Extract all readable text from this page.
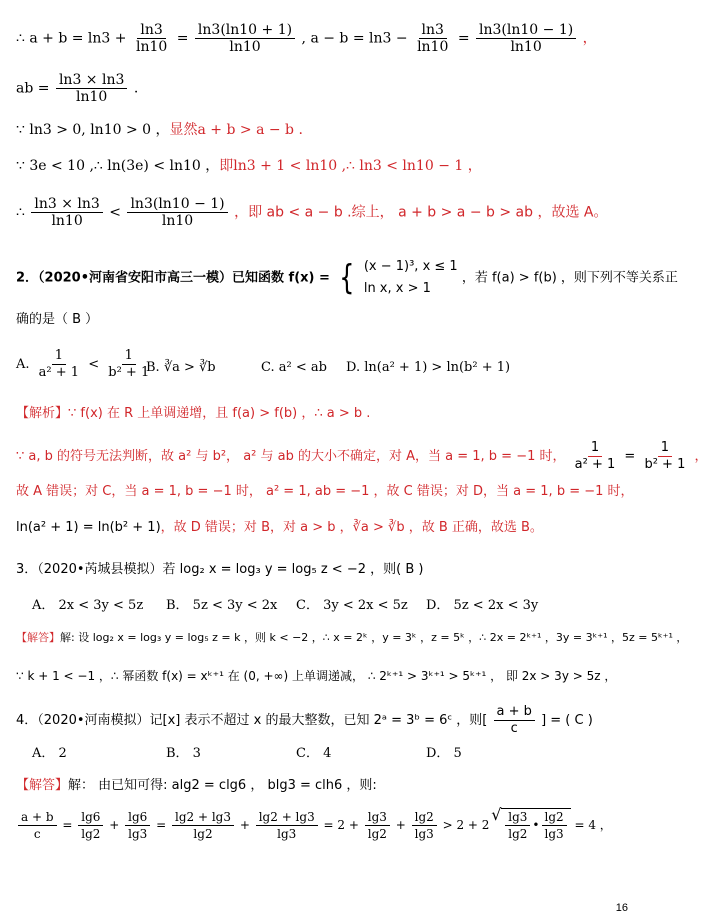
∴ $a + b = \ln 3 + \frac{\ln 3}{\ln 10} = \frac{\ln 3(\ln 10 + 1)}{\ln 10}$ , $a - b = \ln 3 - \frac{\ln 3}{\ln 10} = \frac{\ln 3(\ln 10 - 1)}{\ln 10}$ ，
ab = $\frac{\ln 3 \times \ln 3}{\ln 10}$ .
∵ ln3 > 0, ln10 > 0 ，显然a + b > a − b .
∵ 3e < 10 ,∴ ln(3e) < ln10 ，即ln3 + 1 < ln10 ,∴ ln3 < ln10 − 1 ，
∴ $\frac{\ln 3 \times \ln 3}{\ln 10} < \frac{\ln 3(\ln 10 - 1)}{\ln 10}$ ，即 ab < a − b .综上， a + b > a − b > ab ，故选 A。
2．（2020•河南省安阳市高三一模）已知函数 f(x) = { (x − 1)³, x ≤ 1
ln x, x > 1
，若 f(a) > f(b) ，则下列不等关系正
确的是（ B ）
A. $\frac{1}{\text{a² + 1}} < \frac{1}{\text{b² + 1}}$
B. ∛a > ∛b	C. a² < ab D. ln(a² + 1) > ln(b² + 1)
【解析】∵ f(x) 在 R 上单调递增，且 f(a) > f(b) ，∴ a > b .
∵ a, b 的符号无法判断，故 a² 与 b²， a² 与 ab 的大小不确定，对 A，当 a = 1, b = −1 时， $\frac{1}{\text{a² + 1}} = \frac{1}{\text{b² + 1}}$ ，
故 A 错误；对 C，当 a = 1, b = −1 时， a² = 1, ab = −1 ，故 C 错误；对 D，当 a = 1, b = −1 时，
ln(a² + 1) = ln(b² + 1)，故 D 错误；对 B，对 a > b ，∛a > ∛b ，故 B 正确，故选 B。
3．（2020•芮城县模拟）若 log₂ x = log₃ y = log₅ z < −2 ，则( B )
A． 2x < 3y < 5z B． 5z < 3y < 2x C． 3y < 2x < 5z D． 5z < 2x < 3y
【解答】解: 设 log₂ x = log₃ y = log₅ z = k ，则 k < −2 ，∴ x = 2ᵏ ，y = 3ᵏ ，z = 5ᵏ ，∴ 2x = 2ᵏ⁺¹ ，3y = 3ᵏ⁺¹ ，5z = 5ᵏ⁺¹ ，
∵ k + 1 < −1 ，∴ 幂函数 f(x) = xᵏ⁺¹ 在 (0, +∞) 上单调递减， ∴ 2ᵏ⁺¹ > 3ᵏ⁺¹ > 5ᵏ⁺¹ ， 即 2x > 3y > 5z ，
4．（2020•河南模拟）记[x] 表示不超过 x 的最大整数，已知 2ᵃ = 3ᵇ = 6ᶜ ，则[ $\frac{a + b}{c}$ ] = ( C )
A． 2	B． 3	C． 4	D． 5
【解答】解： 由已知可得: alg2 = clg6 ， blg3 = clh6 ，则:
$\frac{a + b}{c} = \frac{\lg 6}{\lg 2} + \frac{\lg 6}{\lg 3} = \frac{\lg 2 + \lg 3}{\lg 2} + \frac{\lg 2 + \lg 3}{\lg 3} = 2 + \frac{\lg 3}{\lg 2} + \frac{\lg 2}{\lg 3} > 2 + 2$
√ $\frac{\lg 3}{\lg 2}$ • $\frac{\lg 2}{\lg 3} = 4$ ，
16
